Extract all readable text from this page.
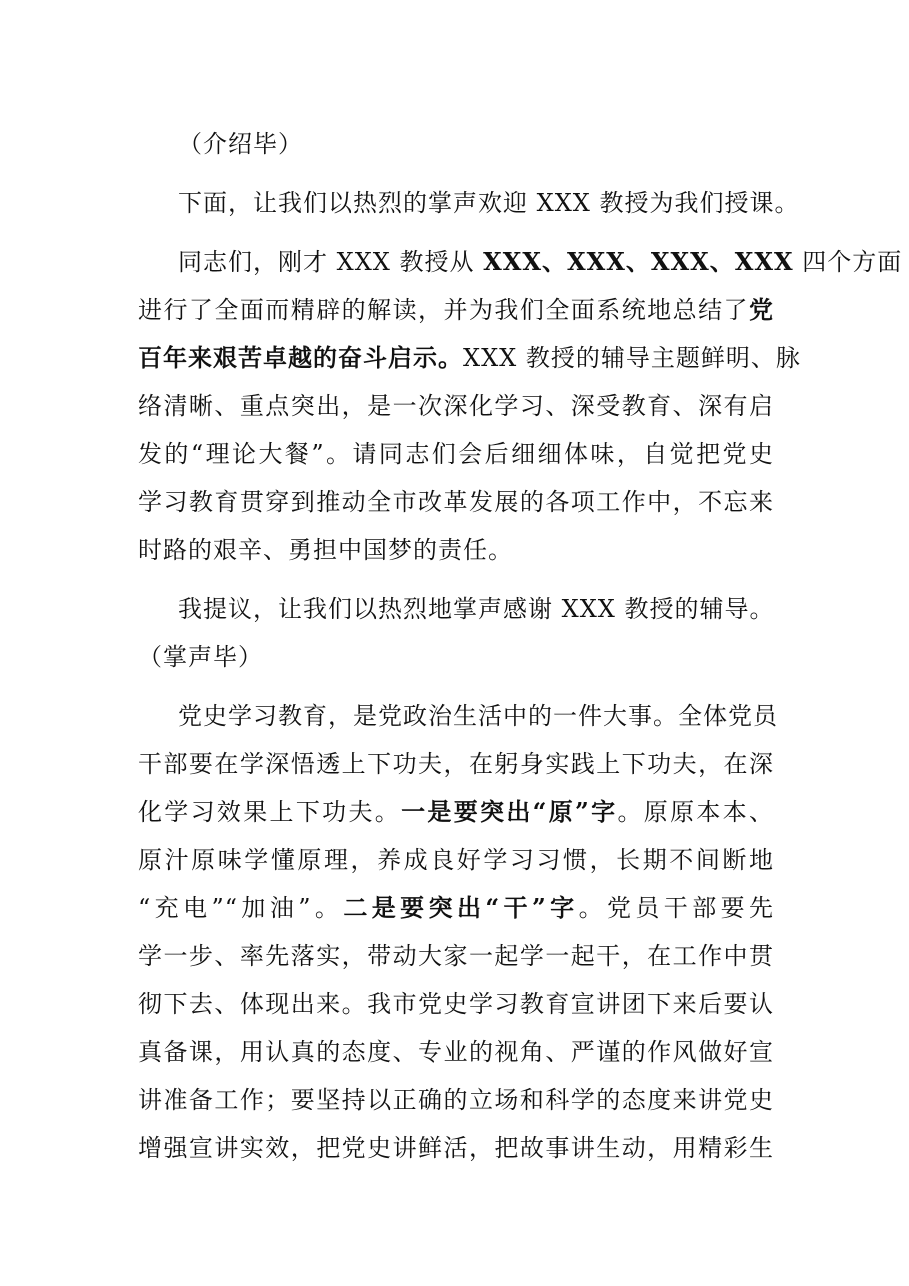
（介绍毕）
下面，让我们以热烈的掌声欢迎 XXX 教授为我们授课。
同志们，刚才 XXX 教授从 XXX、XXX、XXX、XXX 四个方面
进行了全面而精辟的解读，并为我们全面系统地总结了党
百年来艰苦卓越的奋斗启示。XXX 教授的辅导主题鲜明、脉
络清晰、重点突出，是一次深化学习、深受教育、深有启
发的“理论大餐”。请同志们会后细细体味，自觉把党史
学习教育贯穿到推动全市改革发展的各项工作中，不忘来
时路的艰辛、勇担中国梦的责任。
我提议，让我们以热烈地掌声感谢 XXX 教授的辅导。
（掌声毕）
党史学习教育，是党政治生活中的一件大事。全体党员
干部要在学深悟透上下功夫，在躬身实践上下功夫，在深
化学习效果上下功夫。一是要突出“原”字。原原本本、
原汁原味学懂原理，养成良好学习习惯，长期不间断地
“充电”“加油”。二是要突出“干”字。党员干部要先
学一步、率先落实，带动大家一起学一起干，在工作中贯
彻下去、体现出来。我市党史学习教育宣讲团下来后要认
真备课，用认真的态度、专业的视角、严谨的作风做好宣
讲准备工作；要坚持以正确的立场和科学的态度来讲党史
增强宣讲实效，把党史讲鲜活，把故事讲生动，用精彩生
